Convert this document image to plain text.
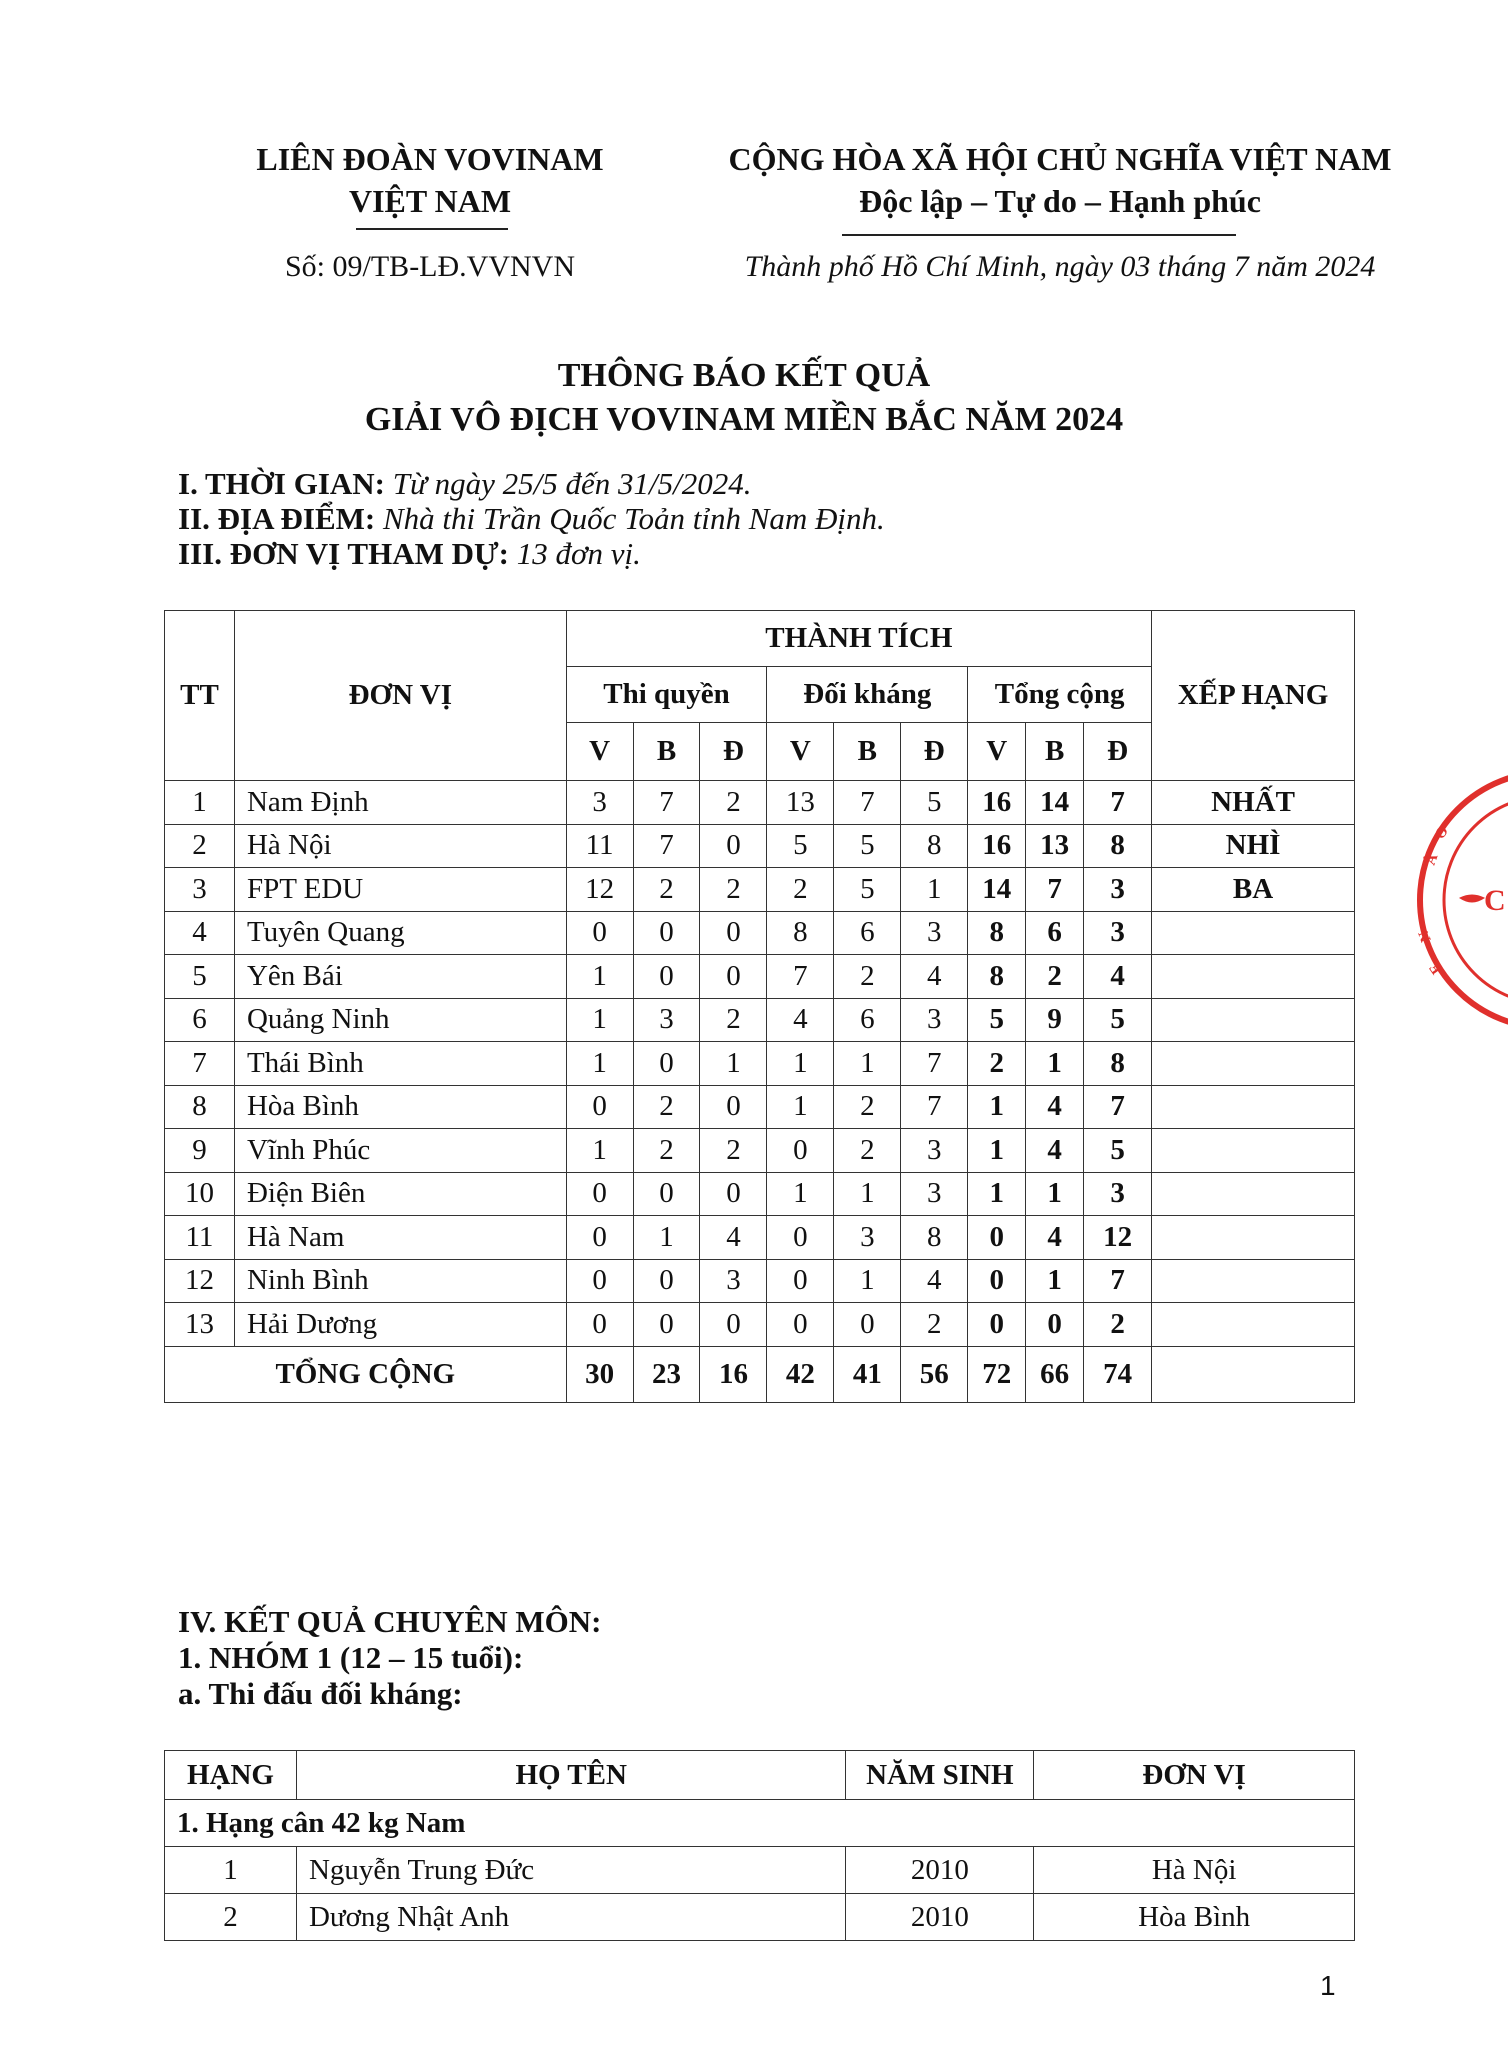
LIÊN ĐOÀN VOVINAM
VIỆT NAM
CỘNG HÒA XÃ HỘI CHỦ NGHĨA VIỆT NAM
Độc lập – Tự do – Hạnh phúc
Số: 09/TB-LĐ.VVNVN	Thành phố Hồ Chí Minh, ngày 03 tháng 7 năm 2024
THÔNG BÁO KẾT QUẢ
GIẢI VÔ ĐỊCH VOVINAM MIỀN BẮC NĂM 2024
I. THỜI GIAN: Từ ngày 25/5 đến 31/5/2024.
II. ĐỊA ĐIỂM: Nhà thi Trần Quốc Toản tỉnh Nam Định.
III. ĐƠN VỊ THAM DỰ: 13 đơn vị.
TT	ĐƠN VỊ	THÀNH TÍCH									XẾP HẠNG
		Thi quyền			Đối kháng			Tổng cộng			
		V	B	Đ	V	B	Đ	V	B	Đ	
1	Nam Định	3	7	2	13	7	5	16	14	7	NHẤT
2	Hà Nội	11	7	0	5	5	8	16	13	8	NHÌ
3	FPT EDU	12	2	2	2	5	1	14	7	3	BA
4	Tuyên Quang	0	0	0	8	6	3	8	6	3	
5	Yên Bái	1	0	0	7	2	4	8	2	4	
6	Quảng Ninh	1	3	2	4	6	3	5	9	5	
7	Thái Bình	1	0	1	1	1	7	2	1	8	
8	Hòa Bình	0	2	0	1	2	7	1	4	7	
9	Vĩnh Phúc	1	2	2	0	2	3	1	4	5	
10	Điện Biên	0	0	0	1	1	3	1	1	3	
11	Hà Nam	0	1	4	0	3	8	0	4	12	
12	Ninh Bình	0	0	3	0	1	4	0	1	7	
13	Hải Dương	0	0	0	0	0	2	0	0	2	
TỔNG CỘNG		30	23	16	42	41	56	72	66	74	
IV. KẾT QUẢ CHUYÊN MÔN:
1. NHÓM 1 (12 – 15 tuổi):
a. Thi đấu đối kháng:
HẠNG	HỌ TÊN	NĂM SINH	ĐƠN VỊ
1. Hạng cân 42 kg Nam			
1	Nguyễn Trung Đức	2010	Hà Nội
2	Dương Nhật Anh	2010	Hòa Bình
1
O
À
N
E
C
